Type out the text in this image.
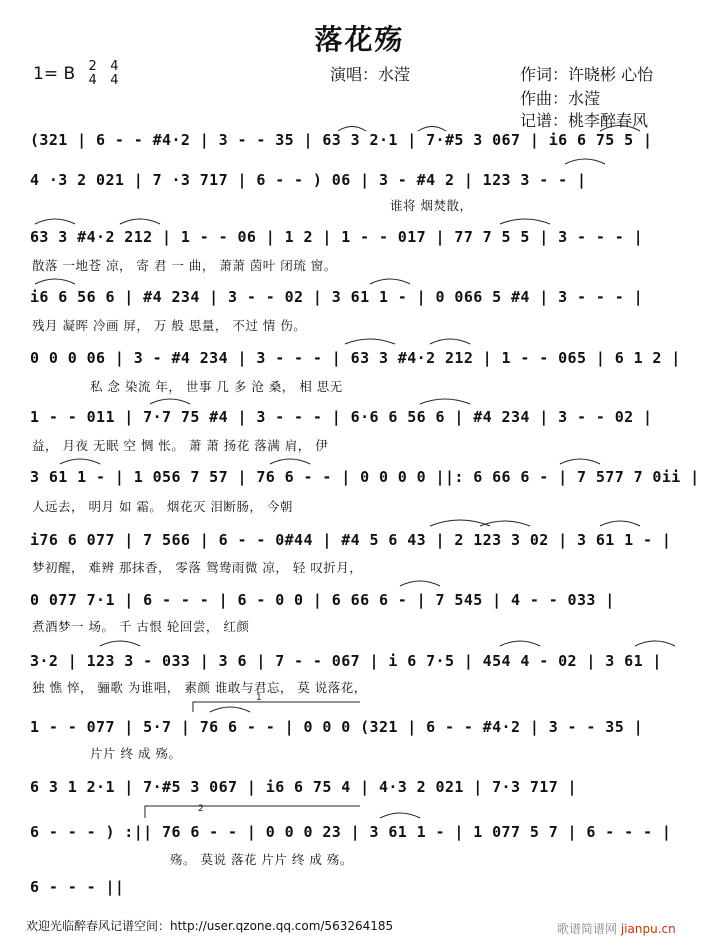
落花殇
1= B 2
4 4
4	演唱：水滢	作词：许晓彬 心怡
作曲：水滢
记谱：桃李醉春风
(321 | 6 - - #4·2 | 3 - - 35 | 63 3 2·1 | 7·#5 3 067 | i6 6 75 5 |
4 ·3 2 021 | 7 ·3 717 | 6 - - ) 06 | 3 - #4 2 | 123 3 - - |
谁将 烟焚散，
63 3 #4·2 212 | 1 - - 06 | 1 2 | 1 - - 017 | 77 7 5 5 | 3 - - - |
散落 一地苍 凉， 寄 君 一 曲， 萧萧 茵叶 闭琉 窗。
i6 6 56 6 | #4 234 | 3 - - 02 | 3 61 1 - | 0 066 5 #4 | 3 - - - |
残月 凝晖 冷画 屏， 万 般 思量， 不过 情 伤。
0 0 0 06 | 3 - #4 234 | 3 - - - | 63 3 #4·2 212 | 1 - - 065 | 6 1 2 |
私 念 染流 年， 世事 几 多 沧 桑， 相 思无
1 - - 011 | 7·7 75 #4 | 3 - - - | 6·6 6 56 6 | #4 234 | 3 - - 02 |
益， 月夜 无眠 空 惆 怅。 萧 萧 扬花 落满 肩， 伊
3 61 1 - | 1 056 7 57 | 76 6 - - | 0 0 0 0 ||: 6 66 6 - | 7 577 7 0ii |
人远去， 明月 如 霜。 烟花灭 泪断肠， 今朝
i76 6 077 | 7 566 | 6 - - 0#44 | #4 5 6 43 | 2 123 3 02 | 3 61 1 - |
梦初醒， 难辨 那抹香， 零落 鸳鸯雨微 凉， 轻 叹折月，
0 077 7·1 | 6 - - - | 6 - 0 0 | 6 66 6 - | 7 545 | 4 - - 033 |
煮酒梦一 场。 千 古恨 轮回尝， 红颜
3·2 | 123 3 - 033 | 3 6 | 7 - - 067 | i 6 7·5 | 454 4 - 02 | 3 61 |
独 憔 悴， 骊歌 为谁唱， 素颜 谁敢与君忘， 莫 说落花，
1 - - 077 | 5·7 | 76 6 - - | 0 0 0 (321 | 6 - - #4·2 | 3 - - 35 |
片片 终 成 殇。
6 3 1 2·1 | 7·#5 3 067 | i6 6 75 4 | 4·3 2 021 | 7·3 717 |
6 - - - ) :|| 76 6 - - | 0 0 0 23 | 3 61 1 - | 1 077 5 7 | 6 - - - |
殇。 莫说 落花 片片 终 成 殇。
6 - - - ||
1
2
欢迎光临醉春风记谱空间：http://user.qzone.qq.com/563264185	歌谱简谱网 jianpu.cn
